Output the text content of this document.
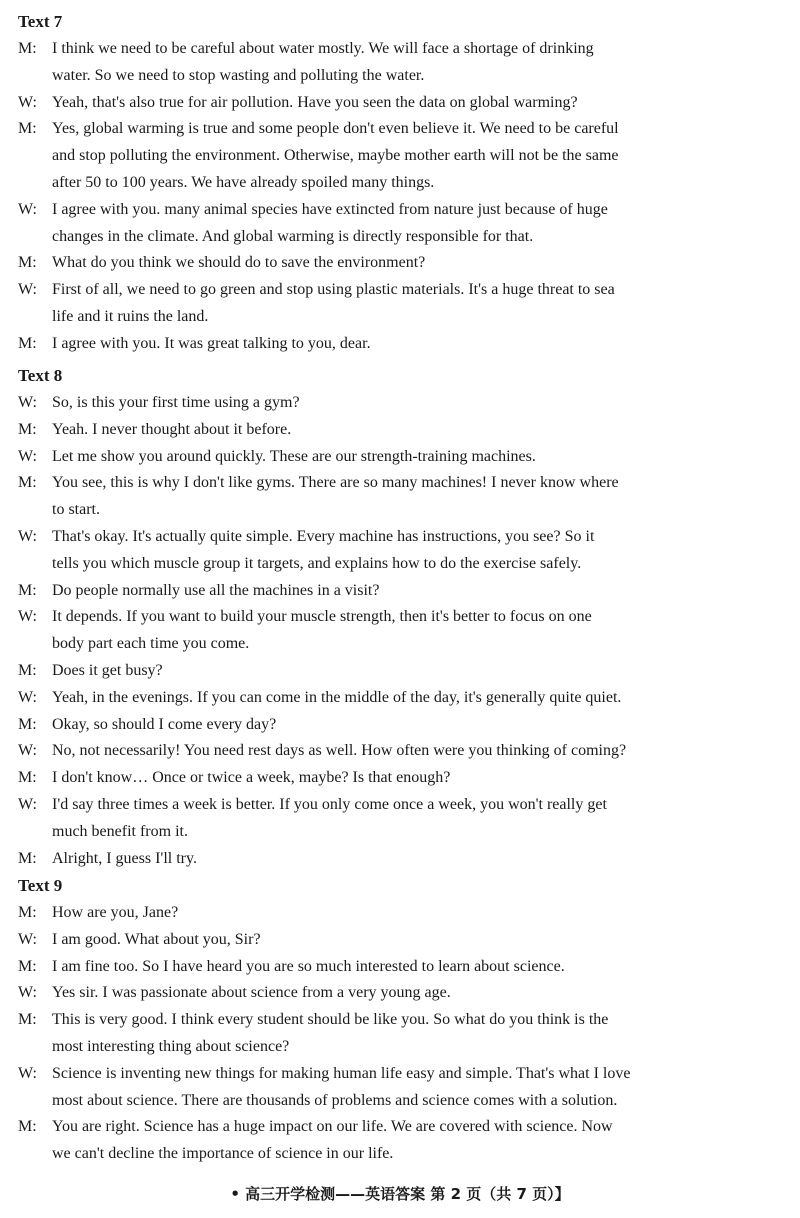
Text 7
M: I think we need to be careful about water mostly. We will face a shortage of drinking
water. So we need to stop wasting and polluting the water.
W: Yeah, that's also true for air pollution. Have you seen the data on global warming?
M: Yes, global warming is true and some people don't even believe it. We need to be careful
and stop polluting the environment. Otherwise, maybe mother earth will not be the same
after 50 to 100 years. We have already spoiled many things.
W: I agree with you. many animal species have extincted from nature just because of huge
changes in the climate. And global warming is directly responsible for that.
M: What do you think we should do to save the environment?
W: First of all, we need to go green and stop using plastic materials. It's a huge threat to sea
life and it ruins the land.
M: I agree with you. It was great talking to you, dear.
Text 8
W: So, is this your first time using a gym?
M: Yeah. I never thought about it before.
W: Let me show you around quickly. These are our strength-training machines.
M: You see, this is why I don't like gyms. There are so many machines! I never know where
to start.
W: That's okay. It's actually quite simple. Every machine has instructions, you see? So it
tells you which muscle group it targets, and explains how to do the exercise safely.
M: Do people normally use all the machines in a visit?
W: It depends. If you want to build your muscle strength, then it's better to focus on one
body part each time you come.
M: Does it get busy?
W: Yeah, in the evenings. If you can come in the middle of the day, it's generally quite quiet.
M: Okay, so should I come every day?
W: No, not necessarily! You need rest days as well. How often were you thinking of coming?
M: I don't know… Once or twice a week, maybe? Is that enough?
W: I'd say three times a week is better. If you only come once a week, you won't really get
much benefit from it.
M: Alright, I guess I'll try.
Text 9
M: How are you, Jane?
W: I am good. What about you, Sir?
M: I am fine too. So I have heard you are so much interested to learn about science.
W: Yes sir. I was passionate about science from a very young age.
M: This is very good. I think every student should be like you. So what do you think is the
most interesting thing about science?
W: Science is inventing new things for making human life easy and simple. That's what I love
most about science. There are thousands of problems and science comes with a solution.
M: You are right. Science has a huge impact on our life. We are covered with science. Now
we can't decline the importance of science in our life.
• 高三开学检测——英语答案 第 2 页（共 7 页）】
